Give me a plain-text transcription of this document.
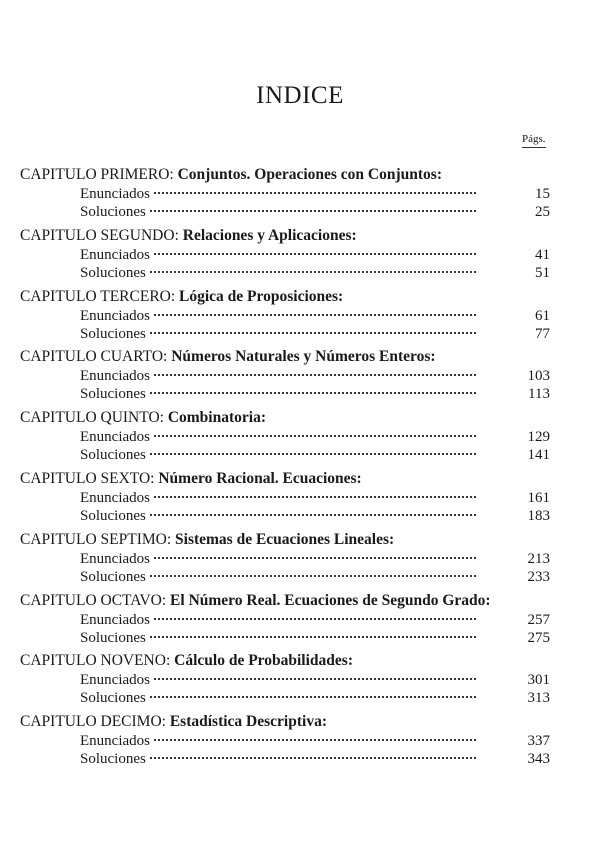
INDICE
Págs.
CAPITULO PRIMERO: Conjuntos. Operaciones con Conjuntos:
Enunciados	15
Soluciones	25
CAPITULO SEGUNDO: Relaciones y Aplicaciones:
Enunciados	41
Soluciones	51
CAPITULO TERCERO: Lógica de Proposiciones:
Enunciados	61
Soluciones	77
CAPITULO CUARTO: Números Naturales y Números Enteros:
Enunciados	103
Soluciones	113
CAPITULO QUINTO: Combinatoria:
Enunciados	129
Soluciones	141
CAPITULO SEXTO: Número Racional. Ecuaciones:
Enunciados	161
Soluciones	183
CAPITULO SEPTIMO: Sistemas de Ecuaciones Lineales:
Enunciados	213
Soluciones	233
CAPITULO OCTAVO: El Número Real. Ecuaciones de Segundo Grado:
Enunciados	257
Soluciones	275
CAPITULO NOVENO: Cálculo de Probabilidades:
Enunciados	301
Soluciones	313
CAPITULO DECIMO: Estadística Descriptiva:
Enunciados	337
Soluciones	343
